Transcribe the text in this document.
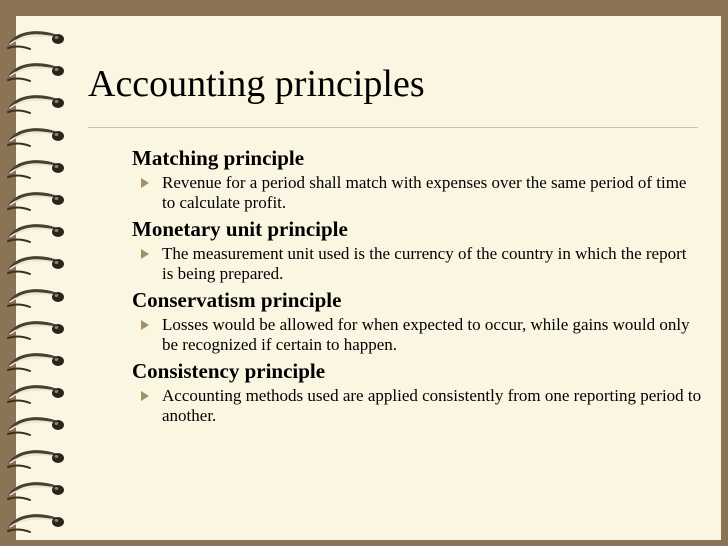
Accounting principles
Matching principle
Revenue for a period shall match with expenses over the same period of time to calculate profit.
Monetary unit principle
The measurement unit used is the currency of the country in which the report is being prepared.
Conservatism principle
Losses would be allowed for when expected to occur, while gains would only be recognized if certain to happen.
Consistency principle
Accounting methods used are applied consistently from one reporting period to another.
